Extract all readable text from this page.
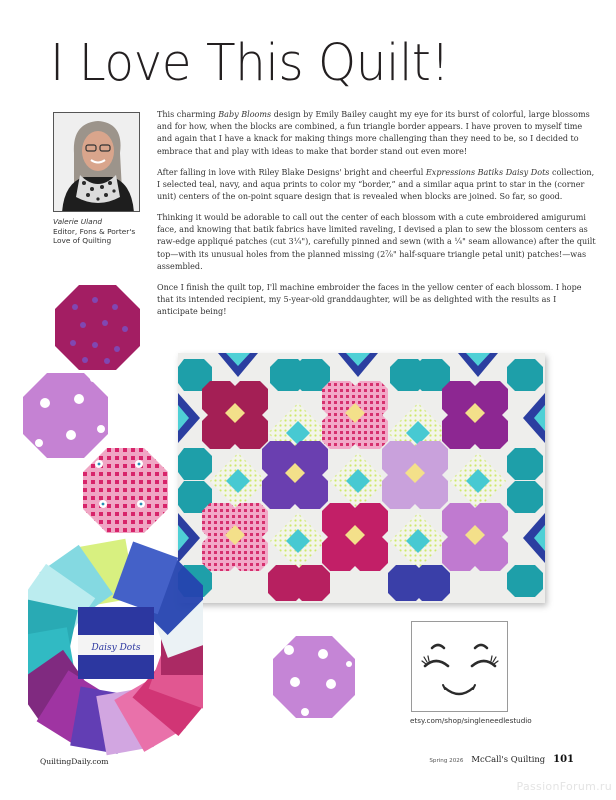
I Love This Quilt!
Valerie Uland
Editor, Fons & Porter's
Love of Quilting

This charming Baby Blooms design by Emily Bailey caught my eye for its burst of colorful, large blossoms and for how, when the blocks are combined, a fun triangle border appears. I have proven to myself time and again that I have a knack for making things more challenging than they need to be, so I decided to embrace that and play with ideas to make that border stand out even more!

After falling in love with Riley Blake Designs' bright and cheerful Expressions Batiks Daisy Dots collection, I selected teal, navy, and aqua prints to color my “border,” and a similar aqua print to star in the (corner unit) centers of the on-point square design that is revealed when blocks are joined. So far, so good.

Thinking it would be adorable to call out the center of each blossom with a cute embroidered amigurumi face, and knowing that batik fabrics have limited raveling, I devised a plan to sew the blossom centers as raw-edge appliqué patches (cut 3¼"), carefully pinned and sewn (with a ¼" seam allowance) after the quilt top—with its unusual holes from the planned missing (2⅞" half-square triangle petal unit) patches!—was assembled.

Once I finish the quilt top, I'll machine embroider the faces in the yellow center of each blossom. I hope that its intended recipient, my 5-year-old granddaughter, will be as delighted with the results as I anticipate being!

Daisy Dots
etsy.com/shop/singleneedlestudio
QuiltingDaily.com	Spring 2026 McCall's Quilting 101
PassionForum.ru
